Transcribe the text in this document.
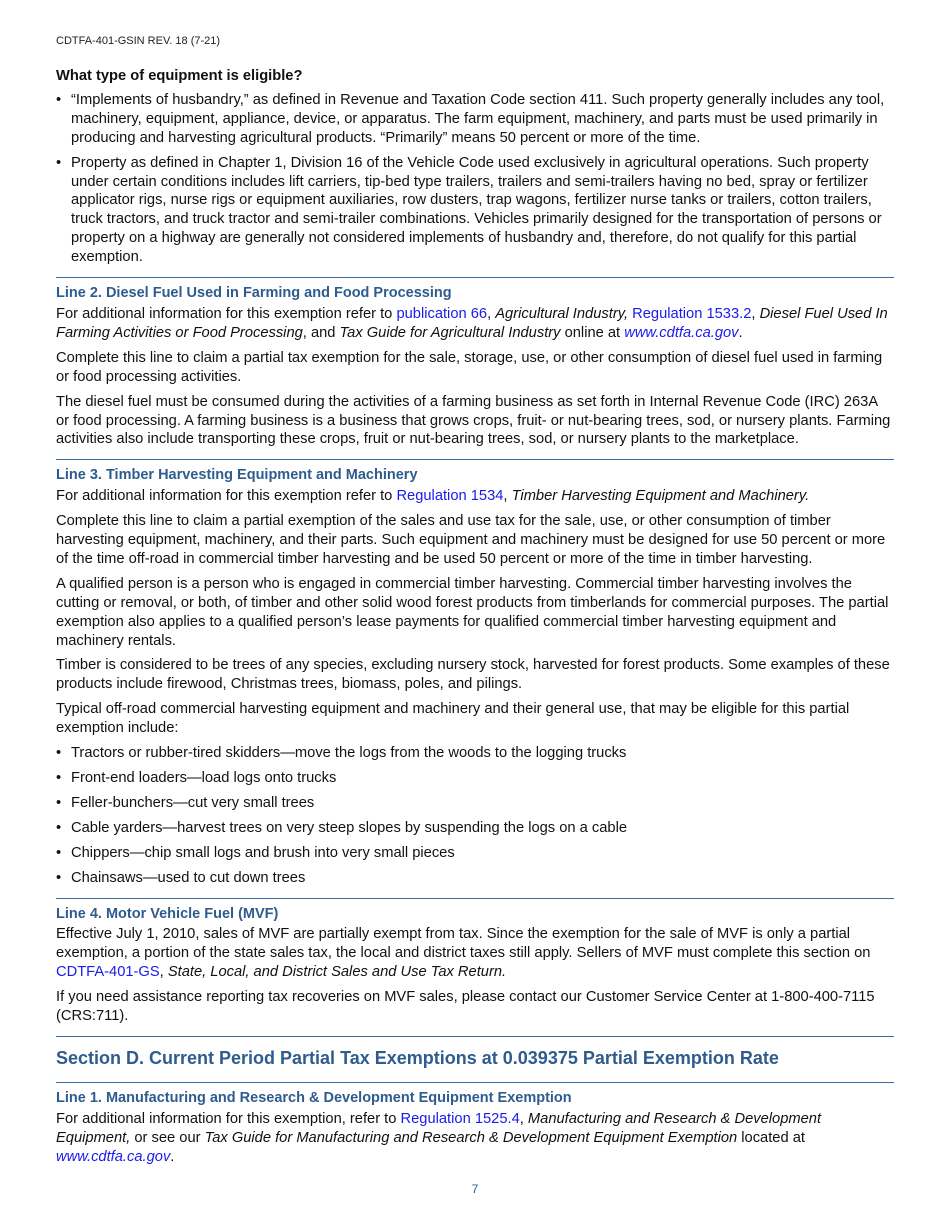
CDTFA-401-GSIN REV. 18 (7-21)
What type of equipment is eligible?
• “Implements of husbandry,” as defined in Revenue and Taxation Code section 411. Such property generally includes any tool, machinery, equipment, appliance, device, or apparatus. The farm equipment, machinery, and parts must be used primarily in producing and harvesting agricultural products. “Primarily” means 50 percent or more of the time.
• Property as defined in Chapter 1, Division 16 of the Vehicle Code used exclusively in agricultural operations. Such property under certain conditions includes lift carriers, tip-bed type trailers, trailers and semi-trailers having no bed, spray or fertilizer applicator rigs, nurse rigs or equipment auxiliaries, row dusters, trap wagons, fertilizer nurse tanks or trailers, cotton trailers, truck tractors, and truck tractor and semi-trailer combinations. Vehicles primarily designed for the transportation of persons or property on a highway are generally not considered implements of husbandry and, therefore, do not qualify for this partial exemption.
Line 2. Diesel Fuel Used in Farming and Food Processing

For additional information for this exemption refer to publication 66, Agricultural Industry, Regulation 1533.2, Diesel Fuel Used In Farming Activities or Food Processing, and Tax Guide for Agricultural Industry online at www.cdtfa.ca.gov.

Complete this line to claim a partial tax exemption for the sale, storage, use, or other consumption of diesel fuel used in farming or food processing activities.

The diesel fuel must be consumed during the activities of a farming business as set forth in Internal Revenue Code (IRC) 263A or food processing. A farming business is a business that grows crops, fruit- or nut-bearing trees, sod, or nursery plants. Farming activities also include transporting these crops, fruit or nut-bearing trees, sod, or nursery plants to the marketplace.

Line 3. Timber Harvesting Equipment and Machinery

For additional information for this exemption refer to Regulation 1534, Timber Harvesting Equipment and Machinery.

Complete this line to claim a partial exemption of the sales and use tax for the sale, use, or other consumption of timber harvesting equipment, machinery, and their parts. Such equipment and machinery must be designed for use 50 percent or more of the time off-road in commercial timber harvesting and be used 50 percent or more of the time in timber harvesting.

A qualified person is a person who is engaged in commercial timber harvesting. Commercial timber harvesting involves the cutting or removal, or both, of timber and other solid wood forest products from timberlands for commercial purposes. The partial exemption also applies to a qualified person’s lease payments for qualified commercial timber harvesting equipment and machinery rentals.

Timber is considered to be trees of any species, excluding nursery stock, harvested for forest products. Some examples of these products include firewood, Christmas trees, biomass, poles, and pilings.

Typical off-road commercial harvesting equipment and machinery and their general use, that may be eligible for this partial exemption include:

• Tractors or rubber-tired skidders—move the logs from the woods to the logging trucks
• Front-end loaders—load logs onto trucks
• Feller-bunchers—cut very small trees
• Cable yarders—harvest trees on very steep slopes by suspending the logs on a cable
• Chippers—chip small logs and brush into very small pieces
• Chainsaws—used to cut down trees
Line 4. Motor Vehicle Fuel (MVF)

Effective July 1, 2010, sales of MVF are partially exempt from tax. Since the exemption for the sale of MVF is only a partial exemption, a portion of the state sales tax, the local and district taxes still apply. Sellers of MVF must complete this section on CDTFA-401-GS, State, Local, and District Sales and Use Tax Return.

If you need assistance reporting tax recoveries on MVF sales, please contact our Customer Service Center at 1-800-400-7115 (CRS:711).

Section D. Current Period Partial Tax Exemptions at 0.039375 Partial Exemption Rate
Line 1. Manufacturing and Research & Development Equipment Exemption

For additional information for this exemption, refer to Regulation 1525.4, Manufacturing and Research & Development Equipment, or see our Tax Guide for Manufacturing and Research & Development Equipment Exemption located at www.cdtfa.ca.gov.

7
